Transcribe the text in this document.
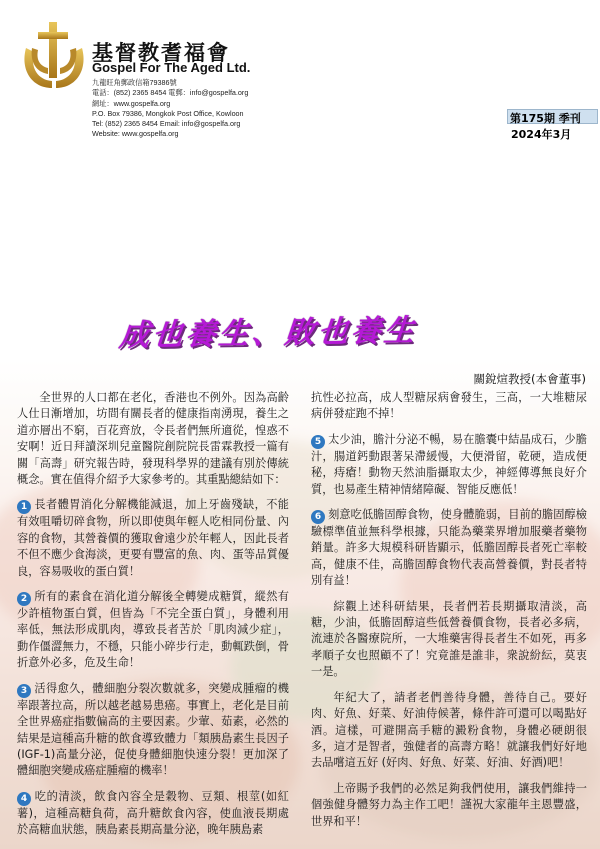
基督教耆福會
Gospel For The Aged Ltd.
九龍旺角郵政信箱79386號
電話：(852) 2365 8454 電郵：info@gospelfa.org
網址：www.gospelfa.org
P.O. Box 79386, Mongkok Post Office, Kowloon
Tel: (852) 2365 8454 Email: info@gospelfa.org
Website: www.gospelfa.org
第175期 季刊
2024年3月
成也養生、敗也養生
關銳煊教授(本會董事)
全世界的人口都在老化，香港也不例外。因為高齡人仕日漸增加，坊間有關長者的健康指南湧現，養生之道亦層出不窮，百花齊放，令長者們無所適從，惶惑不安啊！近日拜讀深圳兒童醫院創院院長雷霖教授一篇有關「高壽」研究報告時，發現科學界的建議有別於傳統概念。實在值得介紹予大家參考的。其重點總結如下：
1 長者體胃消化分解機能減退，加上牙齒殘缺，不能有效咀嚼切碎食物，所以即使與年輕人吃相同份量、內容的食物，其營養價的獲取會遠少於年輕人，因此長者不但不應少食海淡，更要有豐富的魚、肉、蛋等品質優良，容易吸收的蛋白質！
2 所有的素食在消化道分解後全轉變成糖質，縱然有少許植物蛋白質，但皆為「不完全蛋白質」，身體利用率低，無法形成肌肉，導致長者苦於「肌肉減少症」，動作僵澀無力，不穩，只能小碎步行走，動輒跌倒，骨折意外必多，危及生命！
3 活得愈久，體細胞分裂次數就多，突變成腫瘤的機率跟著拉高，所以越老越易患癌。事實上，老化是目前全世界癌症指數偏高的主要因素。少葷、茹素，必然的結果是這種高升糖的飲食導致體力「類胰島素生長因子(IGF-1)高量分泌，促使身體細胞快速分裂！更加深了體細胞突變成癌症腫瘤的機率！
4 吃的清淡，飲食內容全是穀物、豆類、根莖(如紅薯)，這種高糖負荷，高升糖飲食內容，使血液長期處於高糖血狀態，胰島素長期高量分泌，晚年胰島素
抗性必拉高，成人型糖尿病會發生，三高，一大堆糖尿病併發症跑不掉！
5 太少油，膽汁分泌不暢，易在膽囊中結晶成石，少膽汁，腸道鈣動跟著呆滯緩慢，大便滑留，乾硬，造成便秘，痔瘡！動物天然油脂攝取太少，神經傳導無良好介質，也易產生精神情緒障礙、智能反應低！
6 刻意吃低膽固醇食物，使身體脆弱，目前的膽固醇檢驗標準值並無科學根據，只能為藥業界增加服藥者藥物銷量。許多大規模科研皆顯示，低膽固醇長者死亡率較高，健康不佳，高膽固醇食物代表高營養價，對長者特別有益！
綜觀上述科研結果，長者們若長期攝取清淡，高糖，少油，低膽固醇這些低營養價食物，長者必多病，流連於各醫療院所，一大堆藥害得長者生不如死，再多孝順子女也照顧不了！究竟誰是誰非，衆說紛紜，莫衷一是。
年紀大了，請者老們善待身體，善待自己。要好肉、好魚、好菜、好油侍候著，條件許可還可以喝點好酒。這樣，可避開高手糖的澱粉食物，身體必硬朗很多，這才是智者，強健者的高壽方略！就讓我們好好地去品嚐這五好 (好肉、好魚、好菜、好油、好酒)吧！
上帝賜予我們的必然足夠我們使用，讓我們維持一個強健身體努力為主作工吧！謹祝大家龍年主恩豐盛，世界和平！
